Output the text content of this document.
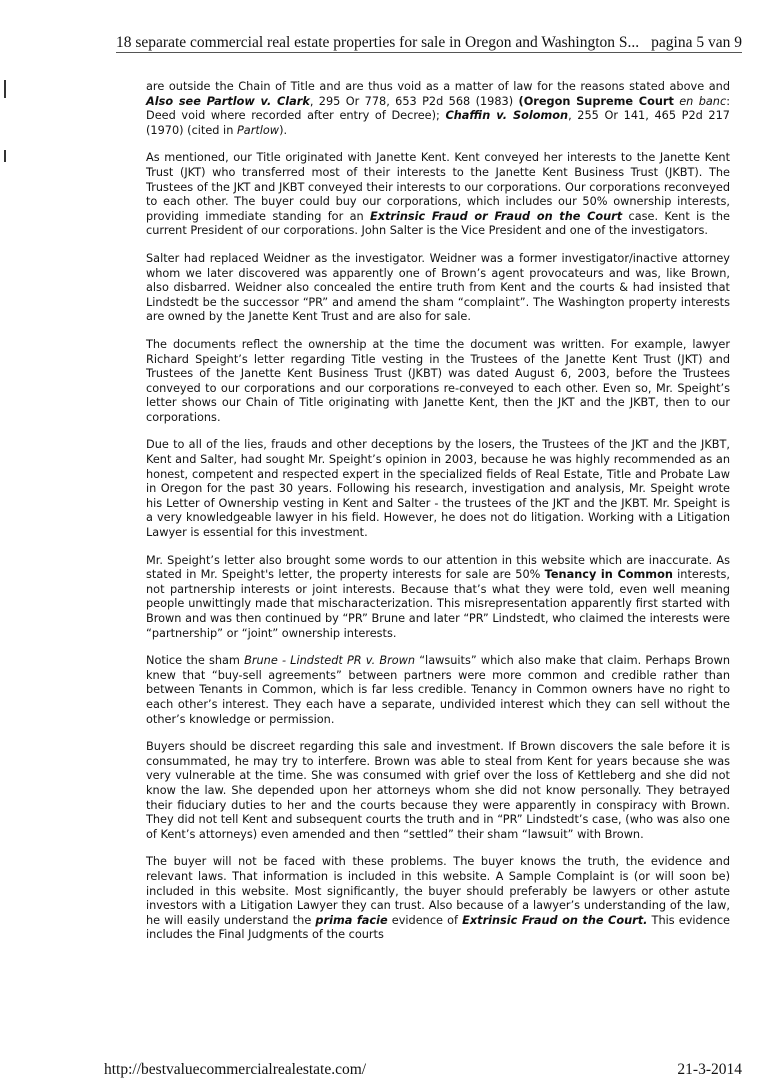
18 separate commercial real estate properties for sale in Oregon and Washington S... pagina 5 van 9

are outside the Chain of Title and are thus void as a matter of law for the reasons stated above and Also see Partlow v. Clark, 295 Or 778, 653 P2d 568 (1983) (Oregon Supreme Court en banc: Deed void where recorded after entry of Decree); Chaffin v. Solomon, 255 Or 141, 465 P2d 217 (1970) (cited in Partlow).

As mentioned, our Title originated with Janette Kent. Kent conveyed her interests to the Janette Kent Trust (JKT) who transferred most of their interests to the Janette Kent Business Trust (JKBT). The Trustees of the JKT and JKBT conveyed their interests to our corporations. Our corporations reconveyed to each other. The buyer could buy our corporations, which includes our 50% ownership interests, providing immediate standing for an Extrinsic Fraud or Fraud on the Court case. Kent is the current President of our corporations. John Salter is the Vice President and one of the investigators.

Salter had replaced Weidner as the investigator. Weidner was a former investigator/inactive attorney whom we later discovered was apparently one of Brown’s agent provocateurs and was, like Brown, also disbarred. Weidner also concealed the entire truth from Kent and the courts & had insisted that Lindstedt be the successor “PR” and amend the sham “complaint”. The Washington property interests are owned by the Janette Kent Trust and are also for sale.

The documents reflect the ownership at the time the document was written. For example, lawyer Richard Speight’s letter regarding Title vesting in the Trustees of the Janette Kent Trust (JKT) and Trustees of the Janette Kent Business Trust (JKBT) was dated August 6, 2003, before the Trustees conveyed to our corporations and our corporations re-conveyed to each other. Even so, Mr. Speight’s letter shows our Chain of Title originating with Janette Kent, then the JKT and the JKBT, then to our corporations.

Due to all of the lies, frauds and other deceptions by the losers, the Trustees of the JKT and the JKBT, Kent and Salter, had sought Mr. Speight’s opinion in 2003, because he was highly recommended as an honest, competent and respected expert in the specialized fields of Real Estate, Title and Probate Law in Oregon for the past 30 years. Following his research, investigation and analysis, Mr. Speight wrote his Letter of Ownership vesting in Kent and Salter - the trustees of the JKT and the JKBT. Mr. Speight is a very knowledgeable lawyer in his field. However, he does not do litigation. Working with a Litigation Lawyer is essential for this investment.

Mr. Speight’s letter also brought some words to our attention in this website which are inaccurate. As stated in Mr. Speight's letter, the property interests for sale are 50% Tenancy in Common interests, not partnership interests or joint interests. Because that’s what they were told, even well meaning people unwittingly made that mischaracterization. This misrepresentation apparently first started with Brown and was then continued by “PR” Brune and later “PR” Lindstedt, who claimed the interests were “partnership” or “joint” ownership interests.

Notice the sham Brune - Lindstedt PR v. Brown “lawsuits” which also make that claim. Perhaps Brown knew that “buy-sell agreements” between partners were more common and credible rather than between Tenants in Common, which is far less credible. Tenancy in Common owners have no right to each other’s interest. They each have a separate, undivided interest which they can sell without the other’s knowledge or permission.

Buyers should be discreet regarding this sale and investment. If Brown discovers the sale before it is consummated, he may try to interfere. Brown was able to steal from Kent for years because she was very vulnerable at the time. She was consumed with grief over the loss of Kettleberg and she did not know the law. She depended upon her attorneys whom she did not know personally. They betrayed their fiduciary duties to her and the courts because they were apparently in conspiracy with Brown. They did not tell Kent and subsequent courts the truth and in “PR” Lindstedt’s case, (who was also one of Kent’s attorneys) even amended and then “settled” their sham “lawsuit” with Brown.

The buyer will not be faced with these problems. The buyer knows the truth, the evidence and relevant laws. That information is included in this website. A Sample Complaint is (or will soon be) included in this website. Most significantly, the buyer should preferably be lawyers or other astute investors with a Litigation Lawyer they can trust. Also because of a lawyer’s understanding of the law, he will easily understand the prima facie evidence of Extrinsic Fraud on the Court. This evidence includes the Final Judgments of the courts

http://bestvaluecommercialrealestate.com/	21-3-2014
